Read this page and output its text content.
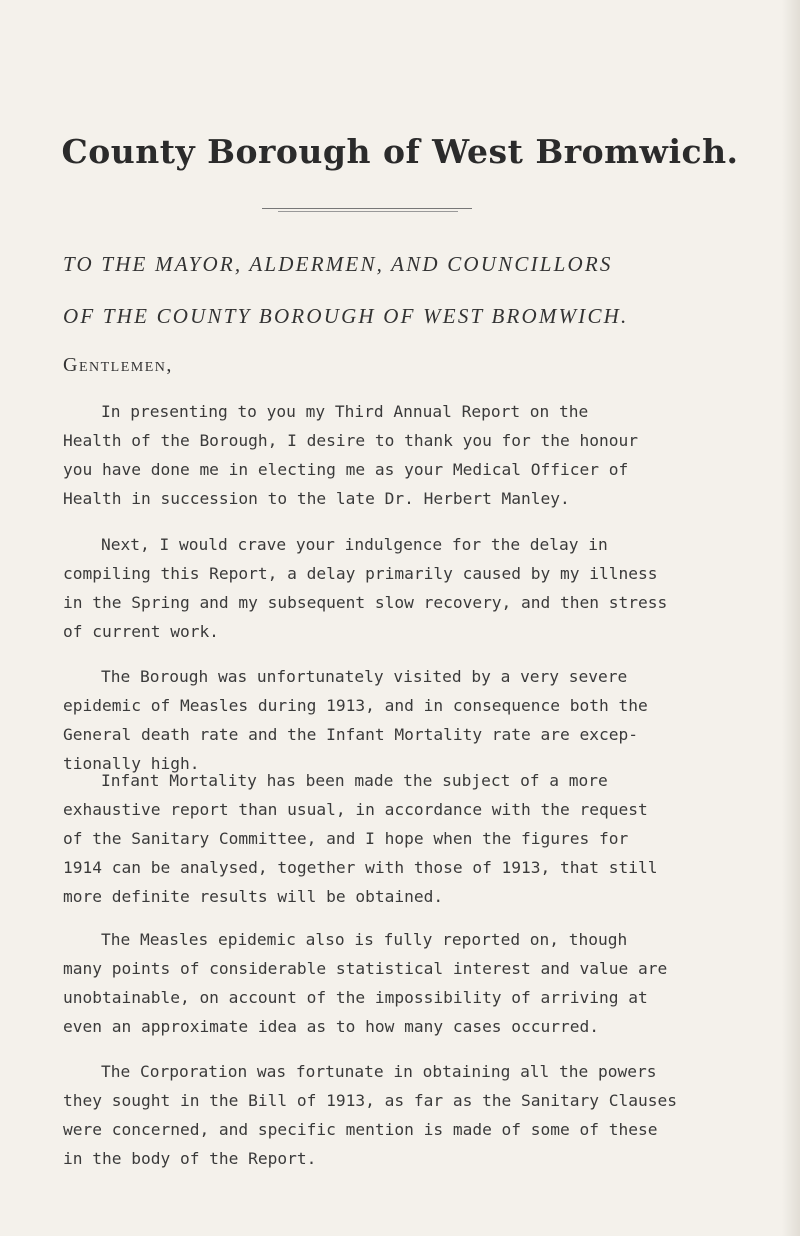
County Borough of West Bromwich.
TO THE MAYOR, ALDERMEN, AND COUNCILLORS
OF THE COUNTY BOROUGH OF WEST BROMWICH.
Gentlemen,
In presenting to you my Third Annual Report on the
Health of the Borough, I desire to thank you for the honour
you have done me in electing me as your Medical Officer of
Health in succession to the late Dr. Herbert Manley.
Next, I would crave your indulgence for the delay in
compiling this Report, a delay primarily caused by my illness
in the Spring and my subsequent slow recovery, and then stress
of current work.
The Borough was unfortunately visited by a very severe
epidemic of Measles during 1913, and in consequence both the
General death rate and the Infant Mortality rate are excep-
tionally high.
Infant Mortality has been made the subject of a more
exhaustive report than usual, in accordance with the request
of the Sanitary Committee, and I hope when the figures for
1914 can be analysed, together with those of 1913, that still
more definite results will be obtained.
The Measles epidemic also is fully reported on, though
many points of considerable statistical interest and value are
unobtainable, on account of the impossibility of arriving at
even an approximate idea as to how many cases occurred.
The Corporation was fortunate in obtaining all the powers
they sought in the Bill of 1913, as far as the Sanitary Clauses
were concerned, and specific mention is made of some of these
in the body of the Report.
